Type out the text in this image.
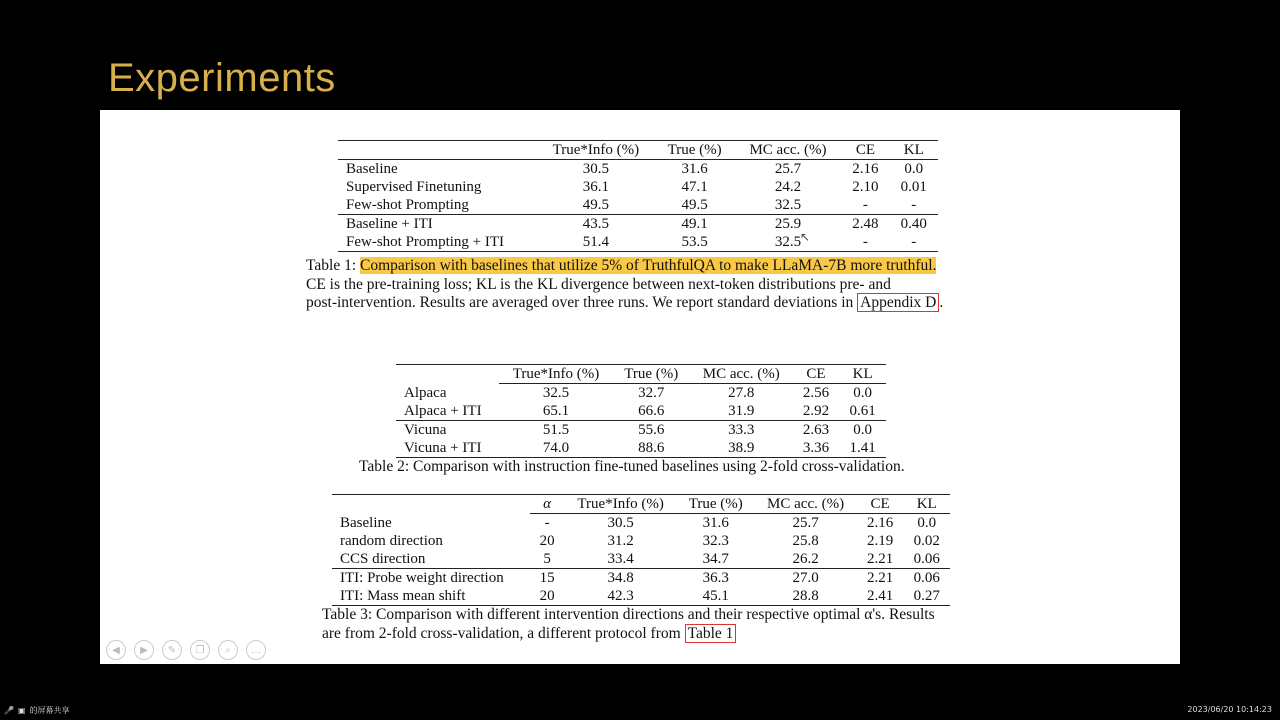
Experiments
	True*Info (%)	True (%)	MC acc. (%)	CE	KL
Baseline	30.5	31.6	25.7	2.16	0.0
Supervised Finetuning	36.1	47.1	24.2	2.10	0.01
Few-shot Prompting	49.5	49.5	32.5	-	-
Baseline + ITI	43.5	49.1	25.9	2.48	0.40
Few-shot Prompting + ITI	51.4	53.5	32.5	-	-
Table 1: Comparison with baselines that utilize 5% of TruthfulQA to make LLaMA-7B more truthful.
CE is the pre-training loss; KL is the KL divergence between next-token distributions pre- and
post-intervention. Results are averaged over three runs. We report standard deviations in Appendix D .
	True*Info (%)	True (%)	MC acc. (%)	CE	KL
Alpaca	32.5	32.7	27.8	2.56	0.0
Alpaca + ITI	65.1	66.6	31.9	2.92	0.61
Vicuna	51.5	55.6	33.3	2.63	0.0
Vicuna + ITI	74.0	88.6	38.9	3.36	1.41
Table 2: Comparison with instruction fine-tuned baselines using 2-fold cross-validation.
	α	True*Info (%)	True (%)	MC acc. (%)	CE	KL
Baseline	-	30.5	31.6	25.7	2.16	0.0
random direction	20	31.2	32.3	25.8	2.19	0.02
CCS direction	5	33.4	34.7	26.2	2.21	0.06
ITI: Probe weight direction	15	34.8	36.3	27.0	2.21	0.06
ITI: Mass mean shift	20	42.3	45.1	28.8	2.41	0.27
Table 3: Comparison with different intervention directions and their respective optimal α's. Results
are from 2-fold cross-validation, a different protocol from Table 1
↖
◀	▶	✎	❐	⌕	…
🎤 ▣ 的屏幕共享	2023/06/20 10:14:23
